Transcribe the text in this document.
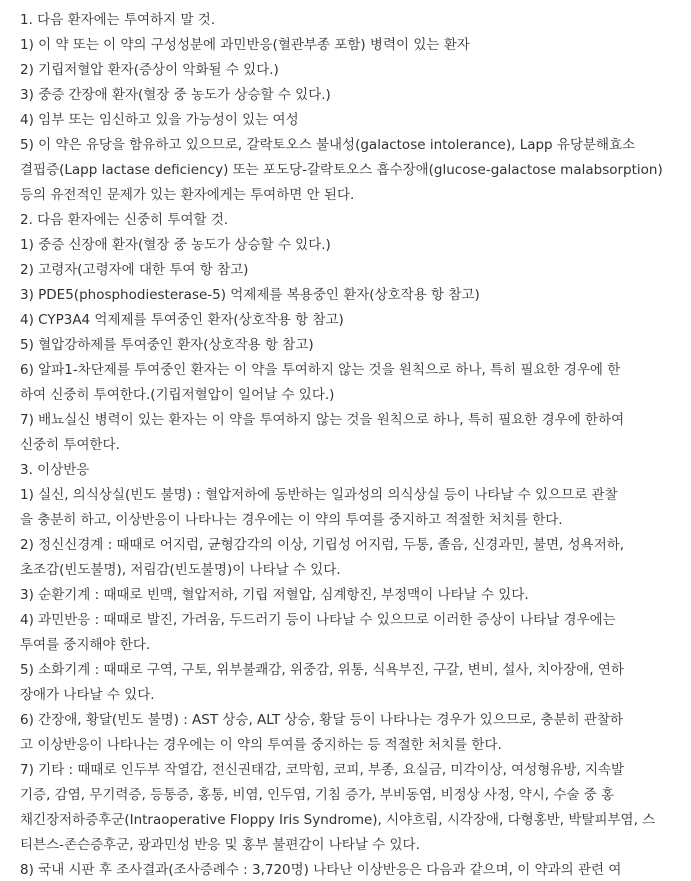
1. 다음 환자에는 투여하지 말 것.

1) 이 약 또는 이 약의 구성성분에 과민반응(혈관부종 포함) 병력이 있는 환자

2) 기립저혈압 환자(증상이 악화될 수 있다.)

3) 중증 간장애 환자(혈장 중 농도가 상승할 수 있다.)

4) 임부 또는 임신하고 있을 가능성이 있는 여성

5) 이 약은 유당을 함유하고 있으므로, 갈락토오스 불내성(galactose intolerance), Lapp 유당분해효소

결핍증(Lapp lactase deficiency) 또는 포도당-갈락토오스 흡수장애(glucose-galactose malabsorption)

등의 유전적인 문제가 있는 환자에게는 투여하면 안 된다.

2. 다음 환자에는 신중히 투여할 것.

1) 중증 신장애 환자(혈장 중 농도가 상승할 수 있다.)

2) 고령자(고령자에 대한 투여 항 참고)

3) PDE5(phosphodiesterase-5) 억제제를 복용중인 환자(상호작용 항 참고)

4) CYP3A4 억제제를 투여중인 환자(상호작용 항 참고)

5) 혈압강하제를 투여중인 환자(상호작용 항 참고)

6) 알파1-차단제를 투여중인 환자는 이 약을 투여하지 않는 것을 원칙으로 하나, 특히 필요한 경우에 한

하여 신중히 투여한다.(기립저혈압이 일어날 수 있다.)

7) 배뇨실신 병력이 있는 환자는 이 약을 투여하지 않는 것을 원칙으로 하나, 특히 필요한 경우에 한하여

신중히 투여한다.

3. 이상반응

1) 실신, 의식상실(빈도 불명) : 혈압저하에 동반하는 일과성의 의식상실 등이 나타날 수 있으므로 관찰

을 충분히 하고, 이상반응이 나타나는 경우에는 이 약의 투여를 중지하고 적절한 처치를 한다.

2) 정신신경계 : 때때로 어지럼, 균형감각의 이상, 기립성 어지럼, 두통, 졸음, 신경과민, 불면, 성욕저하,

초조감(빈도불명), 저림감(빈도불명)이 나타날 수 있다.

3) 순환기계 : 때때로 빈맥, 혈압저하, 기립 저혈압, 심계항진, 부정맥이 나타날 수 있다.

4) 과민반응 : 때때로 발진, 가려움, 두드러기 등이 나타날 수 있으므로 이러한 증상이 나타날 경우에는

투여를 중지해야 한다.

5) 소화기계 : 때때로 구역, 구토, 위부불쾌감, 위중감, 위통, 식욕부진, 구갈, 변비, 설사, 치아장애, 연하

장애가 나타날 수 있다.

6) 간장애, 황달(빈도 불명) : AST 상승, ALT 상승, 황달 등이 나타나는 경우가 있으므로, 충분히 관찰하

고 이상반응이 나타나는 경우에는 이 약의 투여를 중지하는 등 적절한 처치를 한다.

7) 기타 : 때때로 인두부 작열감, 전신권태감, 코막힘, 코피, 부종, 요실금, 미각이상, 여성형유방, 지속발

기증, 감염, 무기력증, 등통증, 홍통, 비염, 인두염, 기침 증가, 부비동염, 비정상 사정, 약시, 수술 중 홍

채긴장저하증후군(Intraoperative Floppy Iris Syndrome), 시야흐림, 시각장애, 다형홍반, 박탈피부염, 스

티븐스-존슨증후군, 광과민성 반응 및 홍부 불편감이 나타날 수 있다.

8) 국내 시판 후 조사결과(조사증례수 : 3,720명) 나타난 이상반응은 다음과 같으며, 이 약과의 관련 여
